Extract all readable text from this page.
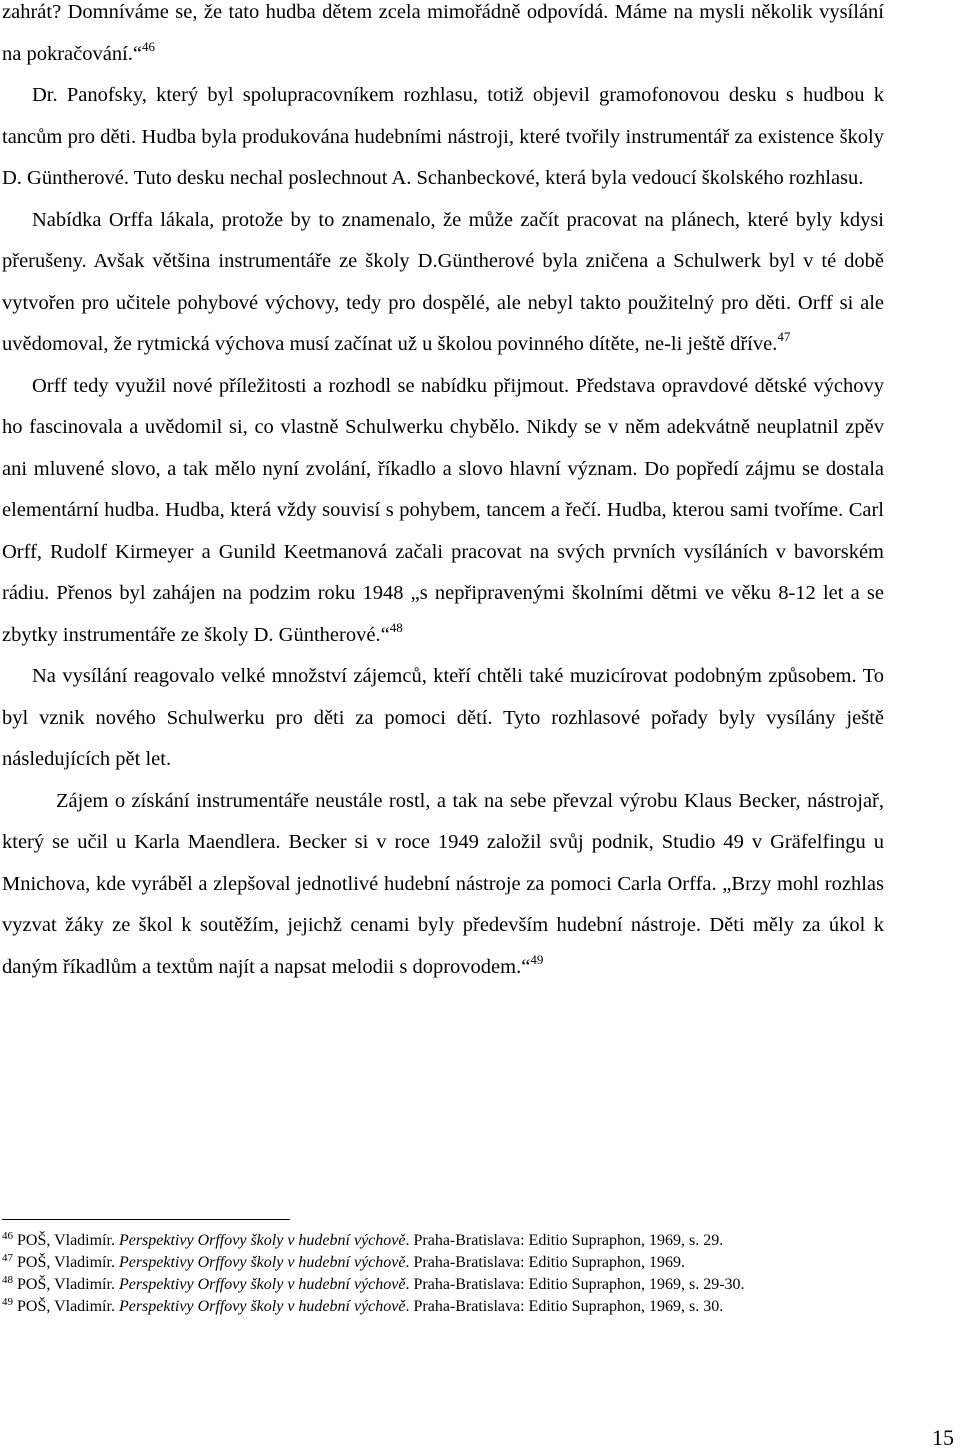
zahrát? Domníváme se, že tato hudba dětem zcela mimořádně odpovídá. Máme na mysli několik vysílání na pokračování.“$^{46}$

Dr. Panofsky, který byl spolupracovníkem rozhlasu, totiž objevil gramofonovou desku s hudbou k tancům pro děti. Hudba byla produkována hudebními nástroji, které tvořily instrumentář za existence školy D. Güntherové. Tuto desku nechal poslechnout A. Schanbeckové, která byla vedoucí školského rozhlasu.

Nabídka Orffa lákala, protože by to znamenalo, že může začít pracovat na plánech, které byly kdysi přerušeny. Avšak většina instrumentáře ze školy D.Güntherové byla zničena a Schulwerk byl v té době vytvořen pro učitele pohybové výchovy, tedy pro dospělé, ale nebyl takto použitelný pro děti. Orff si ale uvědomoval, že rytmická výchova musí začínat už u školou povinného dítěte, ne-li ještě dříve.$^{47}$

Orff tedy využil nové příležitosti a rozhodl se nabídku přijmout. Představa opravdové dětské výchovy ho fascinovala a uvědomil si, co vlastně Schulwerku chybělo. Nikdy se v něm adekvátně neuplatnil zpěv ani mluvené slovo, a tak mělo nyní zvolání, říkadlo a slovo hlavní význam. Do popředí zájmu se dostala elementární hudba. Hudba, která vždy souvisí s pohybem, tancem a řečí. Hudba, kterou sami tvoříme. Carl Orff, Rudolf Kirmeyer a Gunild Keetmanová začali pracovat na svých prvních vysíláních v bavorském rádiu. Přenos byl zahájen na podzim roku 1948 „s nepřipravenými školními dětmi ve věku 8-12 let a se zbytky instrumentáře ze školy D. Güntherové.“$^{48}$

Na vysílání reagovalo velké množství zájemců, kteří chtěli také muzicírovat podobným způsobem. To byl vznik nového Schulwerku pro děti za pomoci dětí. Tyto rozhlasové pořady byly vysílány ještě následujících pět let.

Zájem o získání instrumentáře neustále rostl, a tak na sebe převzal výrobu Klaus Becker, nástrojař, který se učil u Karla Maendlera. Becker si v roce 1949 založil svůj podnik, Studio 49 v Gräfelfingu u Mnichova, kde vyráběl a zlepšoval jednotlivé hudební nástroje za pomoci Carla Orffa. „Brzy mohl rozhlas vyzvat žáky ze škol k soutěžím, jejichž cenami byly především hudební nástroje. Děti měly za úkol k daným říkadlům a textům najít a napsat melodii s doprovodem.“$^{49}$

$^{46}$ POŠ, Vladimír. Perspektivy Orffovy školy v hudební výchově. Praha-Bratislava: Editio Supraphon, 1969, s. 29.

$^{47}$ POŠ, Vladimír. Perspektivy Orffovy školy v hudební výchově. Praha-Bratislava: Editio Supraphon, 1969.

$^{48}$ POŠ, Vladimír. Perspektivy Orffovy školy v hudební výchově. Praha-Bratislava: Editio Supraphon, 1969, s. 29-30.

$^{49}$ POŠ, Vladimír. Perspektivy Orffovy školy v hudební výchově. Praha-Bratislava: Editio Supraphon, 1969, s. 30.

15
